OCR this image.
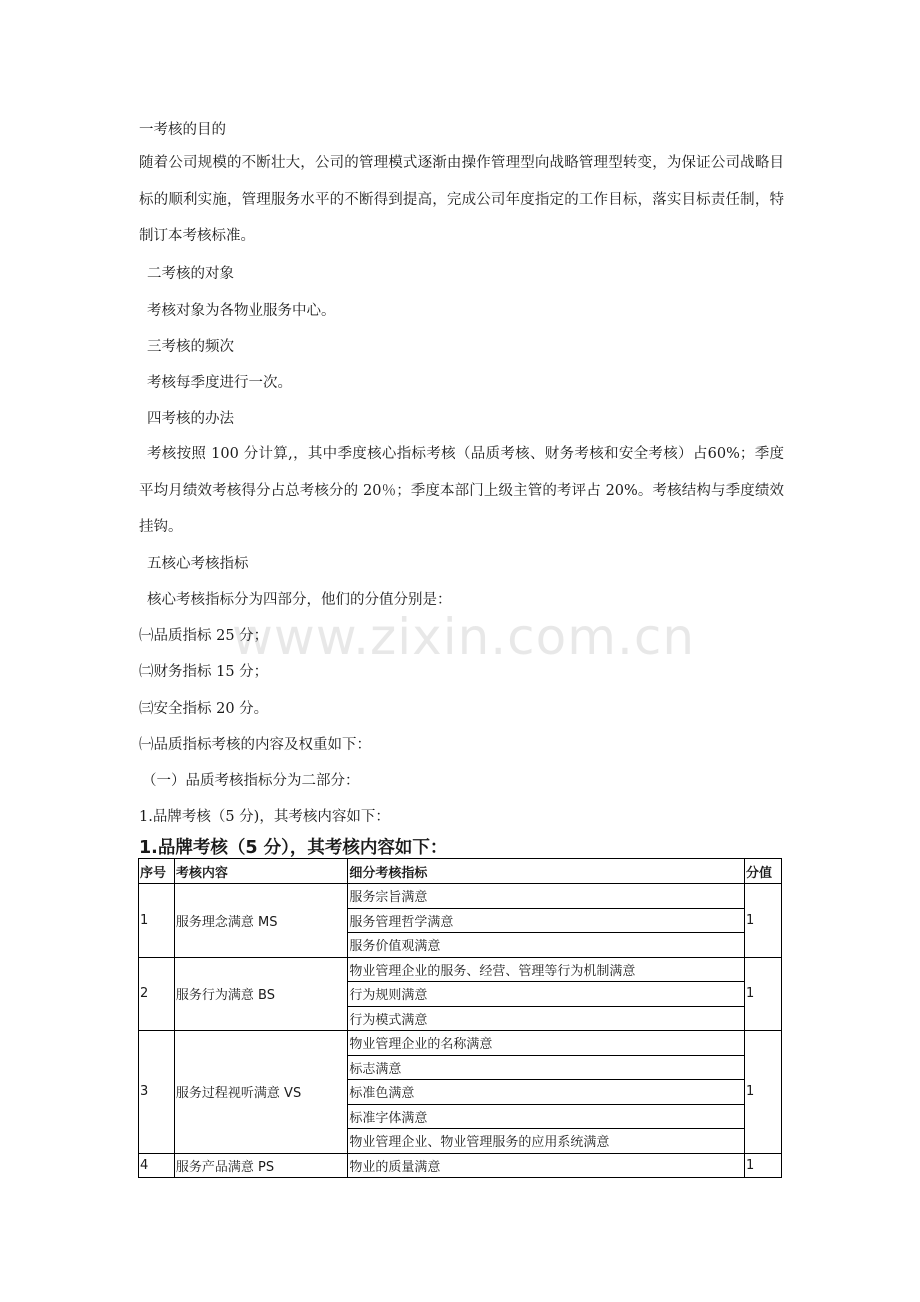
一考核的目的
随着公司规模的不断壮大，公司的管理模式逐渐由操作管理型向战略管理型转变，为保证公司战略目标的顺利实施，管理服务水平的不断得到提高，完成公司年度指定的工作目标，落实目标责任制，特制订本考核标准。
二考核的对象
考核对象为各物业服务中心。
三考核的频次
考核每季度进行一次。
四考核的办法
考核按照 100 分计算,，其中季度核心指标考核（品质考核、财务考核和安全考核）占60%；季度平均月绩效考核得分占总考核分的 20％；季度本部门上级主管的考评占 20%。考核结构与季度绩效挂钩。
五核心考核指标
核心考核指标分为四部分，他们的分值分别是：
㈠品质指标 25 分；
㈡财务指标 15 分；
㈢安全指标 20 分。
㈠品质指标考核的内容及权重如下：
（一）品质考核指标分为二部分：
1.品牌考核（5 分)，其考核内容如下：
www.zixin.com.cn
1.品牌考核（5 分），其考核内容如下：
序号	考核内容	细分考核指标	分值
1	服务理念满意 MS	服务宗旨满意	1
		服务管理哲学满意	
		服务价值观满意	
2	服务行为满意 BS	物业管理企业的服务、经营、管理等行为机制满意	1
		行为规则满意	
		行为模式满意	
3	服务过程视听满意 VS	物业管理企业的名称满意	1
		标志满意	
		标准色满意	
		标准字体满意	
		物业管理企业、物业管理服务的应用系统满意	
4	服务产品满意 PS	物业的质量满意	1
